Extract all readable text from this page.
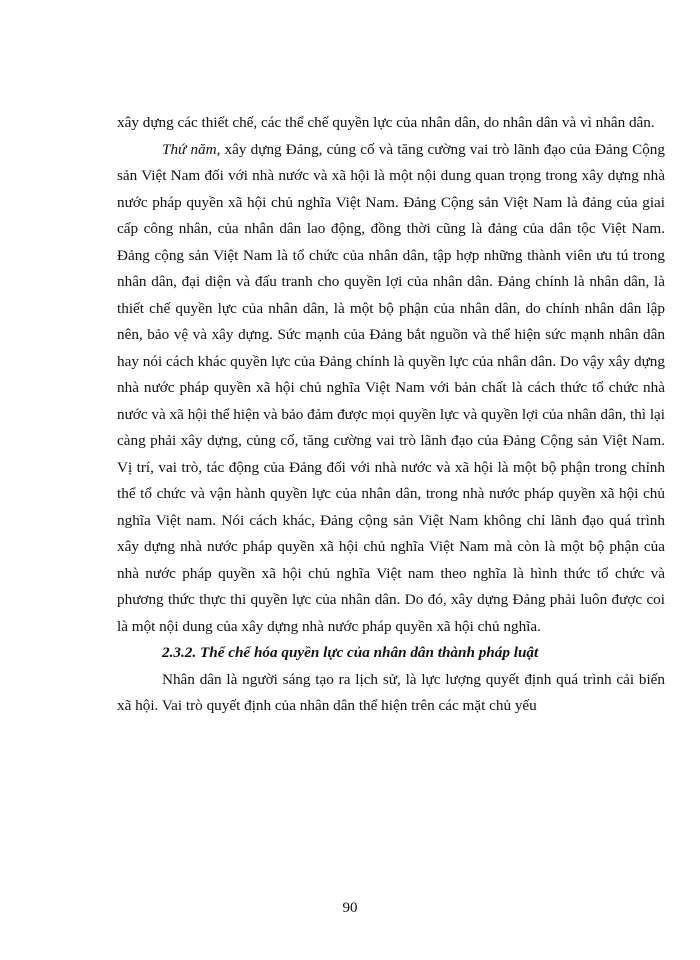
xây dựng các thiết chế, các thể chế quyền lực của nhân dân, do nhân dân và vì nhân dân.

Thứ năm, xây dựng Đảng, củng cố và tăng cường vai trò lãnh đạo của Đảng Cộng sản Việt Nam đối với nhà nước và xã hội là một nội dung quan trọng trong xây dựng nhà nước pháp quyền xã hội chủ nghĩa Việt Nam. Đảng Cộng sản Việt Nam là đảng của giai cấp công nhân, của nhân dân lao động, đồng thời cũng là đảng của dân tộc Việt Nam. Đảng cộng sản Việt Nam là tổ chức của nhân dân, tập hợp những thành viên ưu tú trong nhân dân, đại diện và đấu tranh cho quyền lợi của nhân dân. Đảng chính là nhân dân, là thiết chế quyền lực của nhân dân, là một bộ phận của nhân dân, do chính nhân dân lập nên, bảo vệ và xây dựng. Sức mạnh của Đảng bắt nguồn và thể hiện sức mạnh nhân dân hay nói cách khác quyền lực của Đảng chính là quyền lực của nhân dân. Do vậy xây dựng nhà nước pháp quyền xã hội chủ nghĩa Việt Nam với bản chất là cách thức tổ chức nhà nước và xã hội thể hiện và bảo đảm được mọi quyền lực và quyền lợi của nhân dân, thì lại càng phải xây dựng, củng cố, tăng cường vai trò lãnh đạo của Đảng Cộng sản Việt Nam. Vị trí, vai trò, tác động của Đảng đối với nhà nước và xã hội là một bộ phận trong chỉnh thể tổ chức và vận hành quyền lực của nhân dân, trong nhà nước pháp quyền xã hội chủ nghĩa Việt nam. Nói cách khác, Đảng cộng sản Việt Nam không chỉ lãnh đạo quá trình xây dựng nhà nước pháp quyền xã hội chủ nghĩa Việt Nam mà còn là một bộ phận của nhà nước pháp quyền xã hội chủ nghĩa Việt nam theo nghĩa là hình thức tổ chức và phương thức thực thi quyền lực của nhân dân. Do đó, xây dựng Đảng phải luôn được coi là một nội dung của xây dựng nhà nước pháp quyền xã hội chủ nghĩa.

2.3.2. Thể chế hóa quyền lực của nhân dân thành pháp luật

Nhân dân là người sáng tạo ra lịch sử, là lực lượng quyết định quá trình cải biến xã hội. Vai trò quyết định của nhân dân thể hiện trên các mặt chủ yếu

90
